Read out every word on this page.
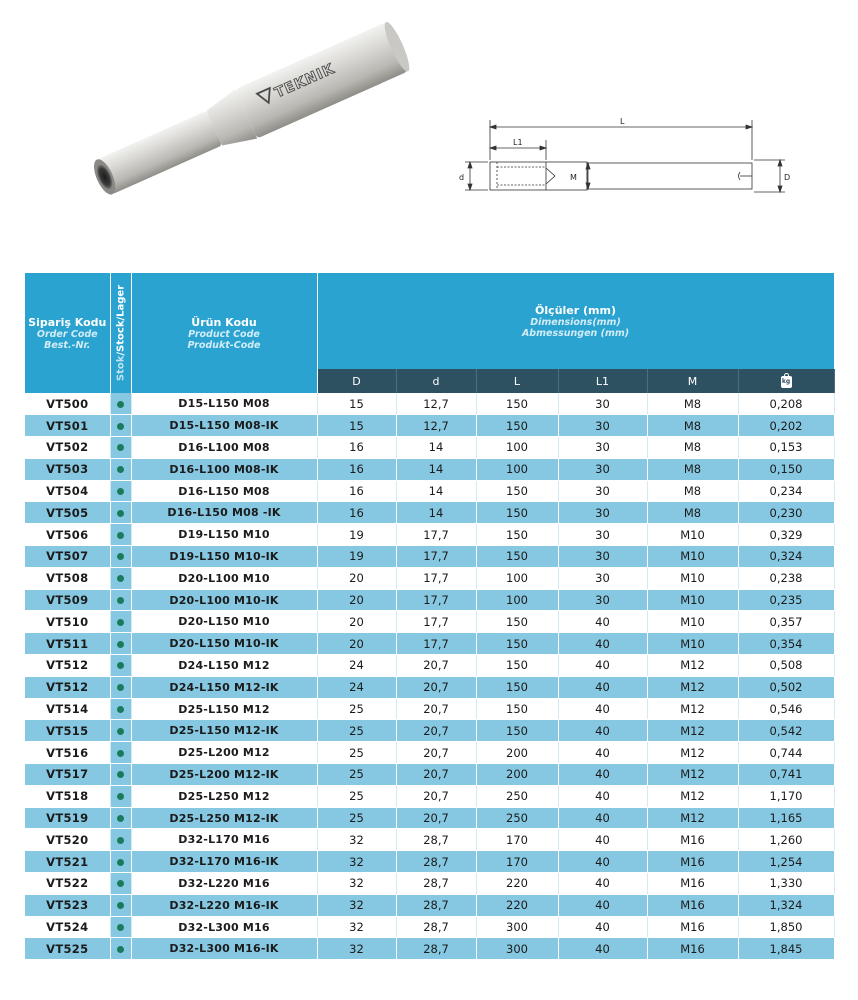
TEKNIK
L
L1
d	M	D
Sipariş Kodu
Order Code
Best.-Nr.	Stok/Stock/Lager	Ürün Kodu
Product Code
Produkt-Code	Ölçüler (mm)
Dimensions(mm)
Abmessungen (mm)					

			D	d	L	L1	M	kg

VT500		D15-L150 M08	15	12,7	150	30	M8	0,208
VT501		D15-L150 M08-IK	15	12,7	150	30	M8	0,202
VT502		D16-L100 M08	16	14	100	30	M8	0,153
VT503		D16-L100 M08-IK	16	14	100	30	M8	0,150
VT504		D16-L150 M08	16	14	150	30	M8	0,234
VT505		D16-L150 M08 -IK	16	14	150	30	M8	0,230
VT506		D19-L150 M10	19	17,7	150	30	M10	0,329
VT507		D19-L150 M10-IK	19	17,7	150	30	M10	0,324
VT508		D20-L100 M10	20	17,7	100	30	M10	0,238
VT509		D20-L100 M10-IK	20	17,7	100	30	M10	0,235
VT510		D20-L150 M10	20	17,7	150	40	M10	0,357
VT511		D20-L150 M10-IK	20	17,7	150	40	M10	0,354
VT512		D24-L150 M12	24	20,7	150	40	M12	0,508
VT512		D24-L150 M12-IK	24	20,7	150	40	M12	0,502
VT514		D25-L150 M12	25	20,7	150	40	M12	0,546
VT515		D25-L150 M12-IK	25	20,7	150	40	M12	0,542
VT516		D25-L200 M12	25	20,7	200	40	M12	0,744
VT517		D25-L200 M12-IK	25	20,7	200	40	M12	0,741
VT518		D25-L250 M12	25	20,7	250	40	M12	1,170
VT519		D25-L250 M12-IK	25	20,7	250	40	M12	1,165
VT520		D32-L170 M16	32	28,7	170	40	M16	1,260
VT521		D32-L170 M16-IK	32	28,7	170	40	M16	1,254
VT522		D32-L220 M16	32	28,7	220	40	M16	1,330
VT523		D32-L220 M16-IK	32	28,7	220	40	M16	1,324
VT524		D32-L300 M16	32	28,7	300	40	M16	1,850
VT525		D32-L300 M16-IK	32	28,7	300	40	M16	1,845
